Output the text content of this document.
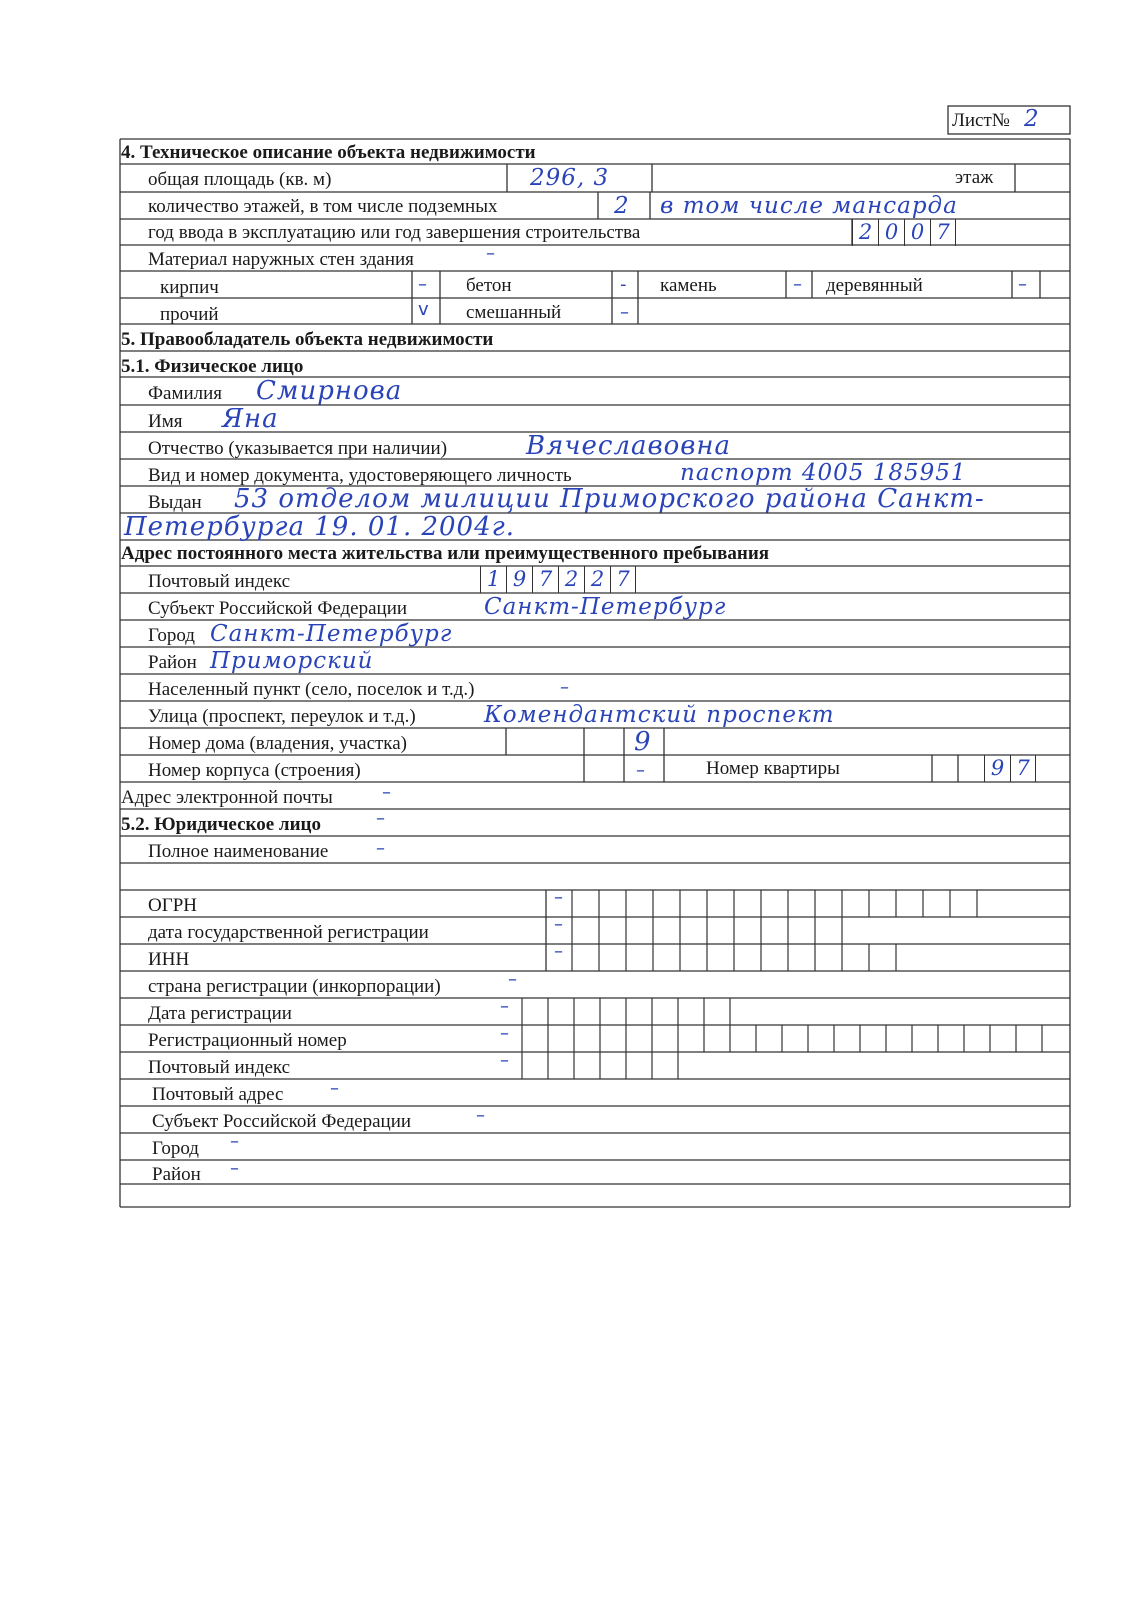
Лист№ 2
4. Техническое описание объекта недвижимости
общая площадь (кв. м)	296, 3	этаж
количество этажей, в том числе подземных	2 в том числе мансарда
год ввода в эксплуатацию или год завершения строительства	2 0 0 7
Материал наружных стен здания	–
кирпич	– бетон	- камень	– деревянный	–
прочий	v смешанный	–
5. Правообладатель объекта недвижимости
5.1. Физическое лицо
Фамилия Смирнова
Имя Яна
Отчество (указывается при наличии)	Вячеславовна
Вид и номер документа, удостоверяющего личность	паспорт 4005 185951
Выдан 53 отделом милиции Приморского района Санкт-
Петербурга 19. 01. 2004г.
Адрес постоянного места жительства или преимущественного пребывания
Почтовый индекс	1 9 7 2 2 7
Субъект Российской Федерации	Санкт-Петербург
Город Санкт-Петербург
Район Приморский
Населенный пункт (село, поселок и т.д.)	–
Улица (проспект, переулок и т.д.)	Комендантский проспект
Номер дома (владения, участка)	9
Номер корпуса (строения)	–	Номер квартиры	9 7
Адрес электронной почты	–
5.2. Юридическое лицо	–
Полное наименование	–
ОГРН	–
дата государственной регистрации	–
ИНН	–
страна регистрации (инкорпорации)	–
Дата регистрации	–
Регистрационный номер	–
Почтовый индекс	–
Почтовый адрес	–
Субъект Российской Федерации	–
Город –
Район –
